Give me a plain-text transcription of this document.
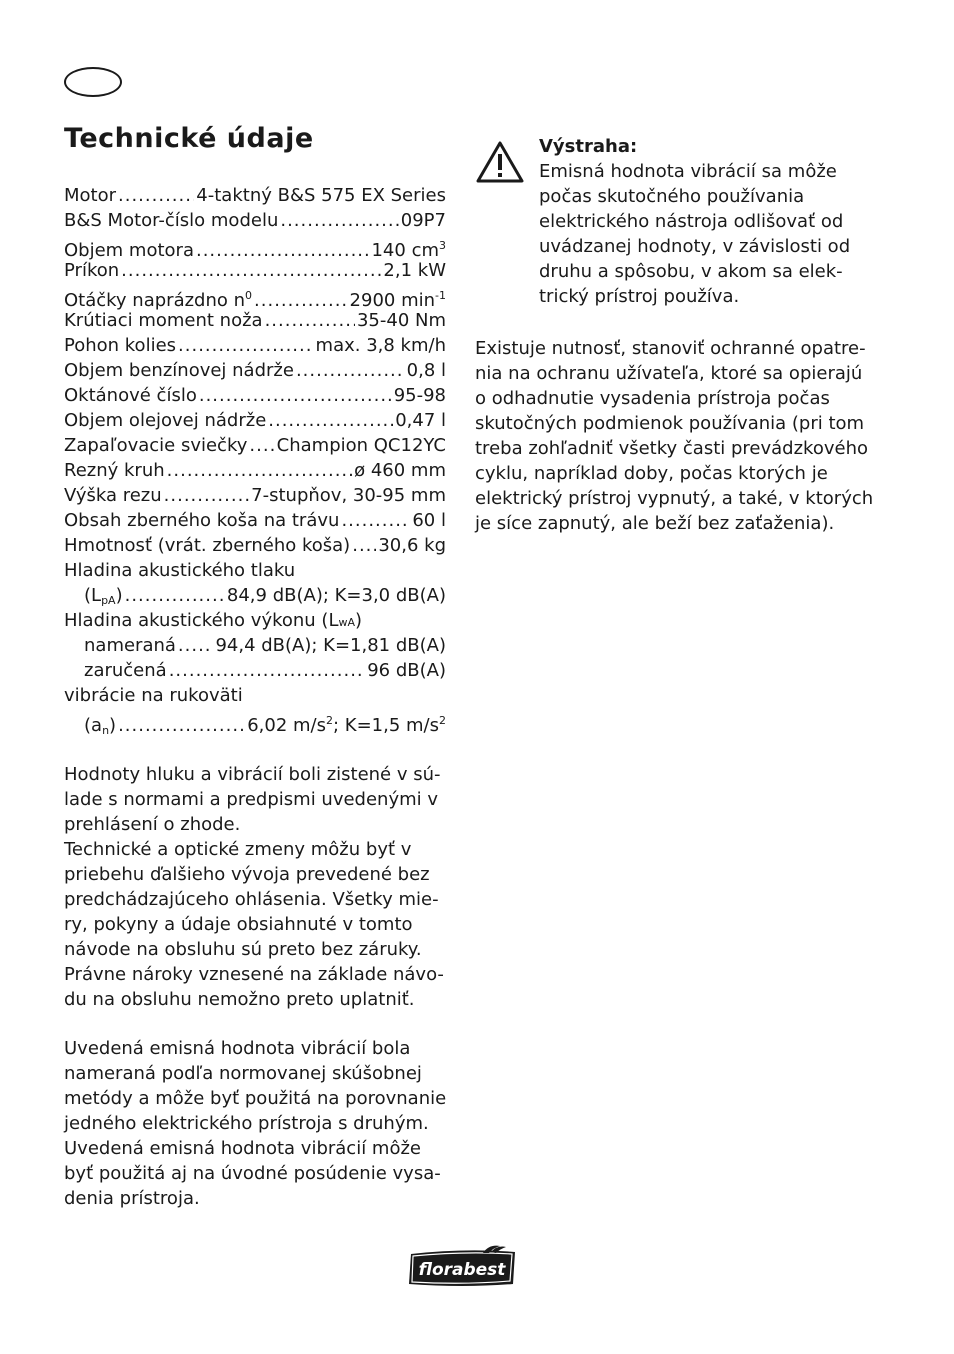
Technické údaje
Motor .....	4-taktný B&S 575 EX Series
B&S Motor-číslo modelu .....	09P7
Objem motora .....	140 $cm^3$
Príkon .....	2,1 kW
Otáčky naprázdno $n^0$ .....	2900 $\min^{-1}$
Krútiaci moment noža .....	35-40 Nm
Pohon kolies .....	max. 3,8 km/h
Objem benzínovej nádrže .....	0,8 l
Oktánové číslo .....	95-98
Objem olejovej nádrže .....	0,47 l
Zapaľovacie sviečky ..... Champion QC12YC
Rezný kruh .....	ø 460 mm
Výška rezu .....	7-stupňov, 30-95 mm
Obsah zberného koša na trávu .....	60 l
Hmotnosť (vrát. zberného koša) ..... 30,6 kg
Hladina akustického tlaku
$(L_{pA})$ .....	84,9 dB(A); K=3,0 dB(A)
Hladina akustického výkonu (L wA )
nameraná ..... 94,4 dB(A); K=1,81 dB(A)
zaručená .....	96 dB(A)
vibrácie na rukoväti
$(a_n)$ .....	6,02 $m/s^2$; K=1,5 $m/s^2$
Hodnoty hluku a vibrácií boli zistené v sú-
lade s normami a predpismi uvedenými v
prehlásení o zhode.
Technické a optické zmeny môžu byť v
priebehu ďalšieho vývoja prevedené bez
predchádzajúceho ohlásenia. Všetky mie-
ry, pokyny a údaje obsiahnuté v tomto
návode na obsluhu sú preto bez záruky.
Právne nároky vznesené na základe návo-
du na obsluhu nemožno preto uplatniť.
Uvedená emisná hodnota vibrácií bola
nameraná podľa normovanej skúšobnej
metódy a môže byť použitá na porovnanie
jedného elektrického prístroja s druhým.
Uvedená emisná hodnota vibrácií môže
byť použitá aj na úvodné posúdenie vysa-
denia prístroja.
Výstraha:
Emisná hodnota vibrácií sa môže
počas skutočného používania
elektrického nástroja odlišovať od
uvádzanej hodnoty, v závislosti od
druhu a spôsobu, v akom sa elek-
trický prístroj používa.
Existuje nutnosť, stanoviť ochranné opatre-
nia na ochranu užívateľa, ktoré sa opierajú
o odhadnutie vysadenia prístroja počas
skutočných podmienok používania (pri tom
treba zohľadniť všetky časti prevádzkového
cyklu, napríklad doby, počas ktorých je
elektrický prístroj vypnutý, a také, v ktorých
je síce zapnutý, ale beží bez zaťaženia).
florabest
